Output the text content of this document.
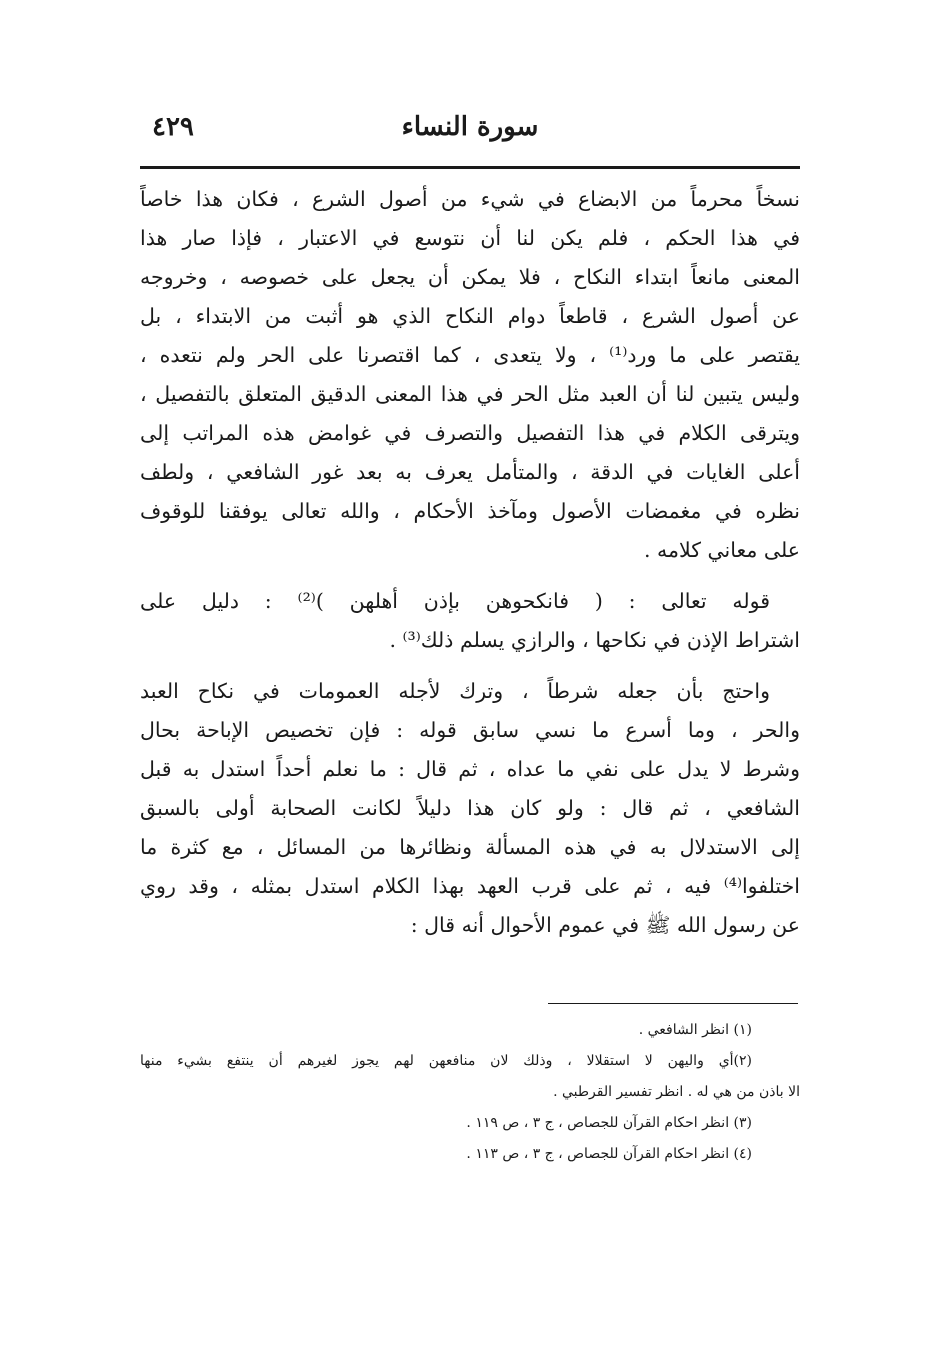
سورة النساء
٤٢٩
نسخاً محرماً من الابضاع في شيء من أصول الشرع ، فكان هذا خاصاً
في هذا الحكم ، فلم يكن لنا أن نتوسع في الاعتبار ، فإذا صار هذا
المعنى مانعاً ابتداء النكاح ، فلا يمكن أن يجعل على خصوصه ، وخروجه
عن أصول الشرع ، قاطعاً دوام النكاح الذي هو أثبت من الابتداء ، بل
يقتصر على ما ورد⁽¹⁾ ، ولا يتعدى ، كما اقتصرنا على الحر ولم نتعده ،
وليس يتبين لنا أن العبد مثل الحر في هذا المعنى الدقيق المتعلق بالتفصيل ،
ويترقى الكلام في هذا التفصيل والتصرف في غوامض هذه المراتب إلى
أعلى الغايات في الدقة ، والمتأمل يعرف به بعد غور الشافعي ، ولطف
نظره في مغمضات الأصول ومآخذ الأحكام ، والله تعالى يوفقنا للوقوف
على معاني كلامه .
قوله تعالى : ( فانكحوهن بإذن أهلهن )⁽²⁾ : دليل على
اشتراط الإذن في نكاحها ، والرازي يسلم ذلك⁽³⁾ .
واحتج بأن جعله شرطاً ، وترك لأجله العمومات في نكاح العبد
والحر ، وما أسرع ما نسي سابق قوله : فإن تخصيص الإباحة بحال
وشرط لا يدل على نفي ما عداه ، ثم قال : ما نعلم أحداً استدل به قبل
الشافعي ، ثم قال : ولو كان هذا دليلاً لكانت الصحابة أولى بالسبق
إلى الاستدلال به في هذه المسألة ونظائرها من المسائل ، مع كثرة ما
اختلفوا⁽⁴⁾ فيه ، ثم على قرب العهد بهذا الكلام استدل بمثله ، وقد روي
عن رسول الله ﷺ في عموم الأحوال أنه قال :
(١) انظر الشافعي .
(٢)أي واليهن لا استقلالا ، وذلك لان منافعهن لهم يجوز لغيرهم أن ينتفع بشيء منها
الا باذن من هي له . انظر تفسير القرطبي .
(٣) انظر احكام القرآن للجصاص ، ج ٣ ، ص ١١٩ .
(٤) انظر احكام القرآن للجصاص ، ج ٣ ، ص ١١٣ .
